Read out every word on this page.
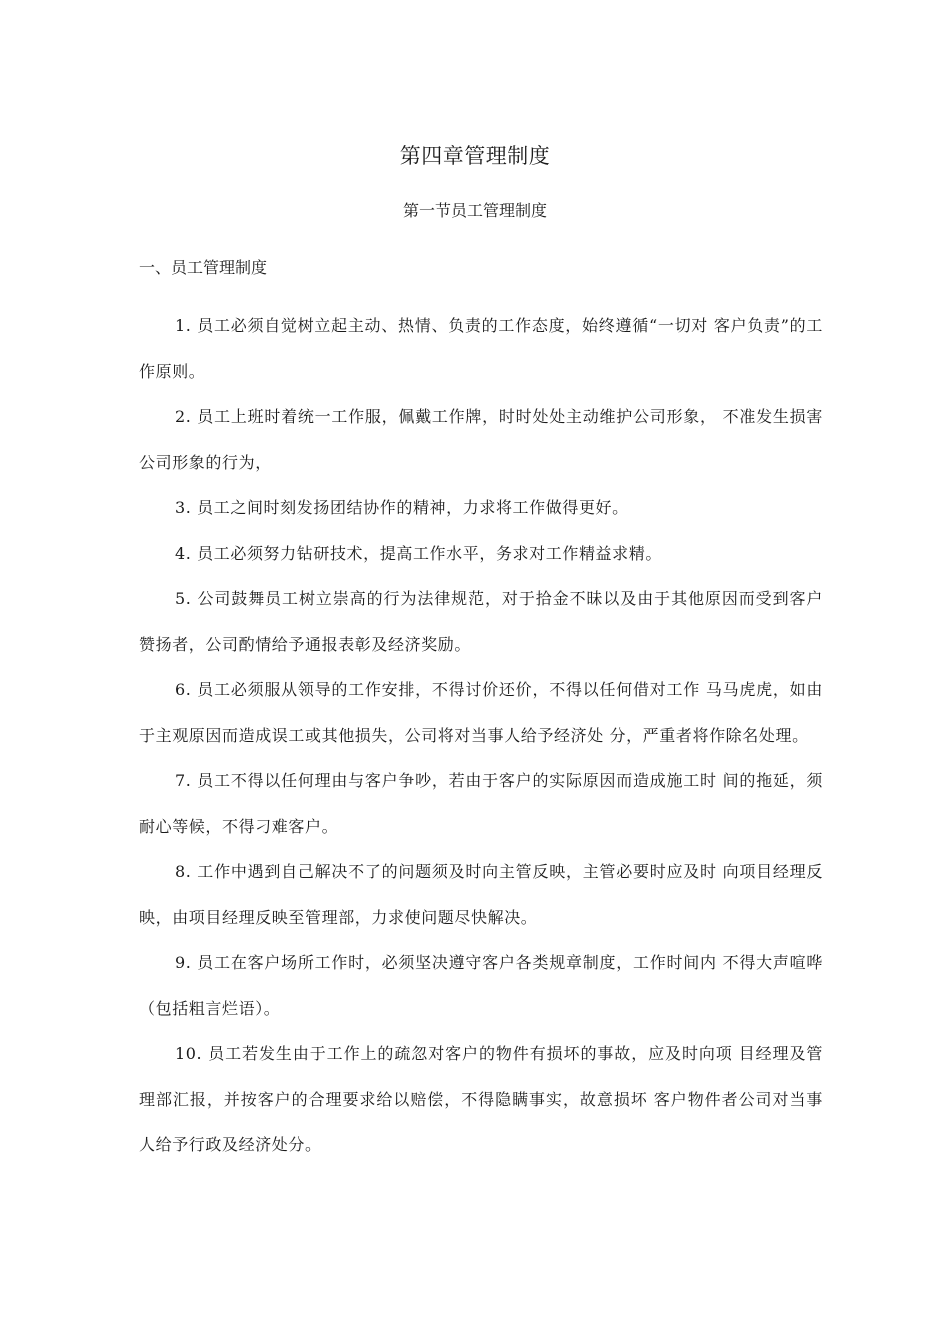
第四章管理制度
第一节员工管理制度
一、员工管理制度

1. 员工必须自觉树立起主动、热情、负责的工作态度，始终遵循“一切对 客户负责”的工作原则。

2. 员工上班时着统一工作服，佩戴工作牌，时时处处主动维护公司形象， 不准发生损害公司形象的行为，

3. 员工之间时刻发扬团结协作的精神，力求将工作做得更好。

4. 员工必须努力钻研技术，提高工作水平，务求对工作精益求精。

5. 公司鼓舞员工树立崇高的行为法律规范，对于拾金不昧以及由于其他原因而受到客户赞扬者，公司酌情给予通报表彰及经济奖励。

6. 员工必须服从领导的工作安排，不得讨价还价，不得以任何借对工作 马马虎虎，如由于主观原因而造成误工或其他损失，公司将对当事人给予经济处 分，严重者将作除名处理。

7. 员工不得以任何理由与客户争吵，若由于客户的实际原因而造成施工时 间的拖延，须耐心等候，不得刁难客户。

8. 工作中遇到自己解决不了的问题须及时向主管反映，主管必要时应及时 向项目经理反映，由项目经理反映至管理部，力求使问题尽快解决。

9. 员工在客户场所工作时，必须坚决遵守客户各类规章制度，工作时间内 不得大声喧哗（包括粗言烂语）。

10. 员工若发生由于工作上的疏忽对客户的物件有损坏的事故，应及时向项 目经理及管理部汇报，并按客户的合理要求给以赔偿，不得隐瞒事实，故意损坏 客户物件者公司对当事人给予行政及经济处分。
